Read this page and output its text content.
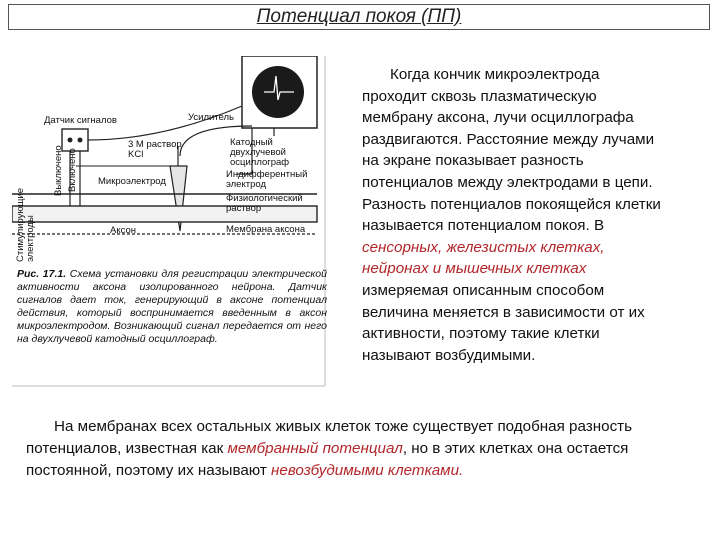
Потенциал покоя (ПП)
Датчик сигналов	Усилитель
3 М раствор
KCl
Катодный
двухлучевой
осциллограф
Индифферентный
электрод
Микроэлектрод
Физиологический
раствор
Аксон	Мембрана аксона
Выключено Включено
Стимулирующие
электроды
Рис. 17.1. Схема установки для регистрации электрической активности аксона изолированного нейрона. Датчик сигналов дает ток, генерирующий в аксоне потенциал действия, который воспринимается введенным в аксон микроэлектродом. Возникающий сигнал передается от него на двухлучевой катодный осциллограф.
Когда кончик микроэлектрода проходит сквозь плазматическую мембрану аксона, лучи осциллографа раздвигаются. Расстояние между лучами на экране показывает разность потенциалов между электродами в цепи. Разность потенциалов покоящейся клетки называется потенциалом покоя. В сенсорных, железистых клетках, нейронах и мышечных клетках измеряемая описанным способом величина меняется в зависимости от их активности, поэтому такие клетки называют возбудимыми.
На мембранах всех остальных живых клеток тоже существует подобная разность потенциалов, известная как мембранный потенциал, но в этих клетках она остается постоянной, поэтому их называют невозбудимыми клетками.
